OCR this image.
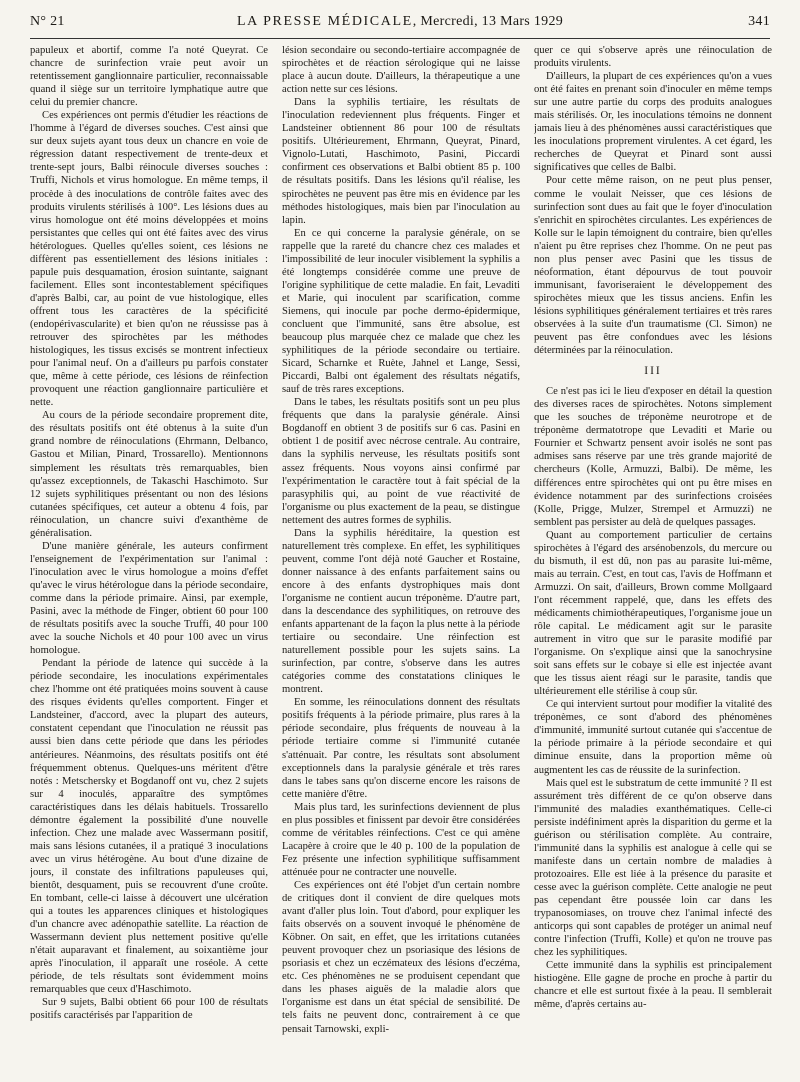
N° 21	LA PRESSE MÉDICALE, Mercredi, 13 Mars 1929	341

papuleux et abortif, comme l'a noté Queyrat. Ce chancre de surinfection vraie peut avoir un retentissement ganglionnaire particulier, reconnaissable quand il siège sur un territoire lymphatique autre que celui du premier chancre.

Ces expériences ont permis d'étudier les réactions de l'homme à l'égard de diverses souches. C'est ainsi que sur deux sujets ayant tous deux un chancre en voie de régression datant respectivement de trente-deux et trente-sept jours, Balbi réinocule diverses souches : Truffi, Nichols et virus homologue. En même temps, il procède à des inoculations de contrôle faites avec des produits virulents stérilisés à 100°. Les lésions dues au virus homologue ont été moins développées et moins persistantes que celles qui ont été faites avec des virus hétérologues. Quelles qu'elles soient, ces lésions ne diffèrent pas essentiellement des lésions initiales : papule puis desquamation, érosion suintante, saignant facilement. Elles sont incontestablement spécifiques d'après Balbi, car, au point de vue histologique, elles offrent tous les caractères de la spécificité (endopérivascularite) et bien qu'on ne réussisse pas à retrouver des spirochètes par les méthodes histologiques, les tissus excisés se montrent infectieux pour l'animal neuf. On a d'ailleurs pu parfois constater que, même à cette période, ces lésions de réinfection provoquent une réaction ganglionnaire particulière et nette.

Au cours de la période secondaire proprement dite, des résultats positifs ont été obtenus à la suite d'un grand nombre de réinoculations (Ehrmann, Delbanco, Gastou et Milian, Pinard, Trossarello). Mentionnons simplement les résultats très remarquables, bien qu'assez exceptionnels, de Takaschi Haschimoto. Sur 12 sujets syphilitiques présentant ou non des lésions cutanées spécifiques, cet auteur a obtenu 4 fois, par réinoculation, un chancre suivi d'exanthème de généralisation.

D'une manière générale, les auteurs confirment l'enseignement de l'expérimentation sur l'animal : l'inoculation avec le virus homologue a moins d'effet qu'avec le virus hétérologue dans la période secondaire, comme dans la période primaire. Ainsi, par exemple, Pasini, avec la méthode de Finger, obtient 60 pour 100 de résultats positifs avec la souche Truffi, 40 pour 100 avec la souche Nichols et 40 pour 100 avec un virus homologue.

Pendant la période de latence qui succède à la période secondaire, les inoculations expérimentales chez l'homme ont été pratiquées moins souvent à cause des risques évidents qu'elles comportent. Finger et Landsteiner, d'accord, avec la plupart des auteurs, constatent cependant que l'inoculation ne réussit pas aussi bien dans cette période que dans les périodes antérieures. Néanmoins, des résultats positifs ont été fréquemment obtenus. Quelques-uns méritent d'être notés : Metschersky et Bogdanoff ont vu, chez 2 sujets sur 4 inoculés, apparaître des symptômes caractéristiques dans les délais habituels. Trossarello démontre également la possibilité d'une nouvelle infection. Chez une malade avec Wassermann positif, mais sans lésions cutanées, il a pratiqué 3 inoculations avec un virus hétérogène. Au bout d'une dizaine de jours, il constate des infiltrations papuleuses qui, bientôt, desquament, puis se recouvrent d'une croûte. En tombant, celle-ci laisse à découvert une ulcération qui a toutes les apparences cliniques et histologiques d'un chancre avec adénopathie satellite. La réaction de Wassermann devient plus nettement positive qu'elle n'était auparavant et finalement, au soixantième jour après l'inoculation, il apparaît une roséole. A cette période, de tels résultats sont évidemment moins remarquables que ceux d'Haschimoto.

Sur 9 sujets, Balbi obtient 66 pour 100 de résultats positifs caractérisés par l'apparition de

lésion secondaire ou secondo-tertiaire accompagnée de spirochètes et de réaction sérologique qui ne laisse place à aucun doute. D'ailleurs, la thérapeutique a une action nette sur ces lésions.

Dans la syphilis tertiaire, les résultats de l'inoculation redeviennent plus fréquents. Finger et Landsteiner obtiennent 86 pour 100 de résultats positifs. Ultérieurement, Ehrmann, Queyrat, Pinard, Vignolo-Lutati, Haschimoto, Pasini, Piccardi confirment ces observations et Balbi obtient 85 p. 100 de résultats positifs. Dans les lésions qu'il réalise, les spirochètes ne peuvent pas être mis en évidence par les méthodes histologiques, mais bien par l'inoculation au lapin.

En ce qui concerne la paralysie générale, on se rappelle que la rareté du chancre chez ces malades et l'impossibilité de leur inoculer visiblement la syphilis a été longtemps considérée comme une preuve de l'origine syphilitique de cette maladie. En fait, Levaditi et Marie, qui inoculent par scarification, comme Siemens, qui inocule par poche dermo-épidermique, concluent que l'immunité, sans être absolue, est beaucoup plus marquée chez ce malade que chez les syphilitiques de la période secondaire ou tertiaire. Sicard, Scharnke et Ruète, Jahnel et Lange, Sessi, Piccardi, Balbi ont également des résultats négatifs, sauf de très rares exceptions.

Dans le tabes, les résultats positifs sont un peu plus fréquents que dans la paralysie générale. Ainsi Bogdanoff en obtient 3 de positifs sur 6 cas. Pasini en obtient 1 de positif avec nécrose centrale. Au contraire, dans la syphilis nerveuse, les résultats positifs sont assez fréquents. Nous voyons ainsi confirmé par l'expérimentation le caractère tout à fait spécial de la parasyphilis qui, au point de vue réactivité de l'organisme ou plus exactement de la peau, se distingue nettement des autres formes de syphilis.

Dans la syphilis héréditaire, la question est naturellement très complexe. En effet, les syphilitiques peuvent, comme l'ont déjà noté Gaucher et Rostaine, donner naissance à des enfants parfaitement sains ou encore à des enfants dystrophiques mais dont l'organisme ne contient aucun tréponème. D'autre part, dans la descendance des syphilitiques, on retrouve des enfants appartenant de la façon la plus nette à la période tertiaire ou secondaire. Une réinfection est naturellement possible pour les sujets sains. La surinfection, par contre, s'observe dans les autres catégories comme des constatations cliniques le montrent.

En somme, les réinoculations donnent des résultats positifs fréquents à la période primaire, plus rares à la période secondaire, plus fréquents de nouveau à la période tertiaire comme si l'immunité cutanée s'atténuait. Par contre, les résultats sont absolument exceptionnels dans la paralysie générale et très rares dans le tabes sans qu'on discerne encore les raisons de cette manière d'être.

Mais plus tard, les surinfections deviennent de plus en plus possibles et finissent par devoir être considérées comme de véritables réinfections. C'est ce qui amène Lacapère à croire que le 40 p. 100 de la population de Fez présente une infection syphilitique suffisamment atténuée pour ne contracter une nouvelle.

Ces expériences ont été l'objet d'un certain nombre de critiques dont il convient de dire quelques mots avant d'aller plus loin. Tout d'abord, pour expliquer les faits observés on a souvent invoqué le phénomène de Köbner. On sait, en effet, que les irritations cutanées peuvent provoquer chez un psoriasique des lésions de psoriasis et chez un eczémateux des lésions d'eczéma, etc. Ces phénomènes ne se produisent cependant que dans les phases aiguës de la maladie alors que l'organisme est dans un état spécial de sensibilité. De tels faits ne peuvent donc, contrairement à ce que pensait Tarnowski, expli-

quer ce qui s'observe après une réinoculation de produits virulents.

D'ailleurs, la plupart de ces expériences qu'on a vues ont été faites en prenant soin d'inoculer en même temps sur une autre partie du corps des produits analogues mais stérilisés. Or, les inoculations témoins ne donnent jamais lieu à des phénomènes aussi caractéristiques que les inoculations proprement virulentes. A cet égard, les recherches de Queyrat et Pinard sont aussi significatives que celles de Balbi.

Pour cette même raison, on ne peut plus penser, comme le voulait Neisser, que ces lésions de surinfection sont dues au fait que le foyer d'inoculation s'enrichit en spirochètes circulantes. Les expériences de Kolle sur le lapin témoignent du contraire, bien qu'elles n'aient pu être reprises chez l'homme. On ne peut pas non plus penser avec Pasini que les tissus de néoformation, étant dépourvus de tout pouvoir immunisant, favoriseraient le développement des spirochètes mieux que les tissus anciens. Enfin les lésions syphilitiques généralement tertiaires et très rares observées à la suite d'un traumatisme (Cl. Simon) ne peuvent pas être confondues avec les lésions déterminées par la réinoculation.

III

Ce n'est pas ici le lieu d'exposer en détail la question des diverses races de spirochètes. Notons simplement que les souches de tréponème neurotrope et de tréponème dermatotrope que Levaditi et Marie ou Fournier et Schwartz pensent avoir isolés ne sont pas admises sans réserve par une très grande majorité de chercheurs (Kolle, Armuzzi, Balbi). De même, les différences entre spirochètes qui ont pu être mises en évidence notamment par des surinfections croisées (Kolle, Prigge, Mulzer, Strempel et Armuzzi) ne semblent pas persister au delà de quelques passages.

Quant au comportement particulier de certains spirochètes à l'égard des arsénobenzols, du mercure ou du bismuth, il est dû, non pas au parasite lui-même, mais au terrain. C'est, en tout cas, l'avis de Hoffmann et Armuzzi. On sait, d'ailleurs, Brown comme Mollgaard l'ont récemment rappelé, que, dans les effets des médicaments chimiothérapeutiques, l'organisme joue un rôle capital. Le médicament agit sur le parasite autrement in vitro que sur le parasite modifié par l'organisme. On s'explique ainsi que la sanochrysine soit sans effets sur le cobaye si elle est injectée avant que les tissus aient réagi sur le parasite, tandis que ultérieurement elle stérilise à coup sûr.

Ce qui intervient surtout pour modifier la vitalité des tréponèmes, ce sont d'abord des phénomènes d'immunité, immunité surtout cutanée qui s'accentue de la période primaire à la période secondaire et qui diminue ensuite, dans la proportion même où augmentent les cas de réussite de la surinfection.

Mais quel est le substratum de cette immunité ? Il est assurément très différent de ce qu'on observe dans l'immunité des maladies exanthématiques. Celle-ci persiste indéfiniment après la disparition du germe et la guérison ou stérilisation complète. Au contraire, l'immunité dans la syphilis est analogue à celle qui se manifeste dans un certain nombre de maladies à protozoaires. Elle est liée à la présence du parasite et cesse avec la guérison complète. Cette analogie ne peut pas cependant être poussée loin car dans les trypanosomiases, on trouve chez l'animal infecté des anticorps qui sont capables de protéger un animal neuf contre l'infection (Truffi, Kolle) et qu'on ne trouve pas chez les syphilitiques.

Cette immunité dans la syphilis est principalement histiogène. Elle gagne de proche en proche à partir du chancre et elle est surtout fixée à la peau. Il semblerait même, d'après certains au-
